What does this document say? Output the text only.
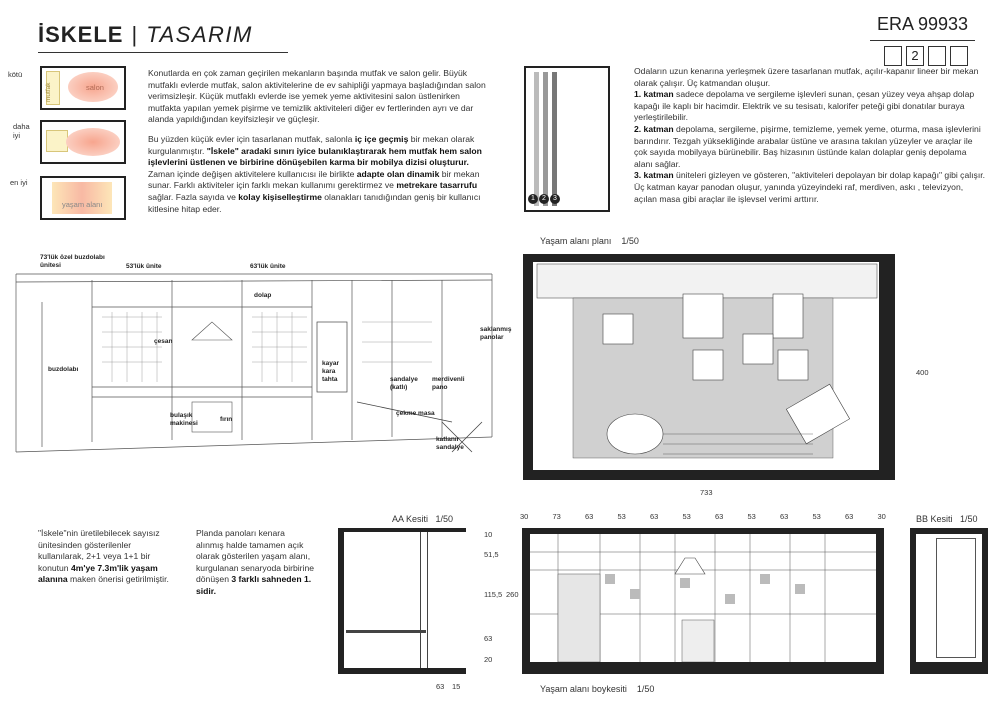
İSKELE | TASARIM	ERA 99933
2
kötü
mutfak	salon
daha
iyi
en iyi
yaşam alanı
Konutlarda en çok zaman geçirilen mekanların başında mutfak ve salon gelir. Büyük mutfaklı evlerde mutfak, salon aktivitelerine de ev sahipliği yapmaya başladığından salon verimsizleşir. Küçük mutfaklı evlerde ise yemek yeme aktivitesini salon üstlenirken mutfakta yapılan yemek pişirme ve temizlik aktiviteleri diğer ev fertlerinden ayrı ve dar alanda yapıldığından keyifsizleşir ve güçleşir.
Bu yüzden küçük evler için tasarlanan mutfak, salonla iç içe geçmiş bir mekan olarak kurgulanmıştır. "İskele" aradaki sınırı iyice bulanıklaştırarak hem mutfak hem salon işlevlerini üstlenen ve birbirine dönüşebilen karma bir mobilya dizisi oluşturur. Zaman içinde değişen aktivitelere kullanıcısı ile birlikte adapte olan dinamik bir mekan sunar. Farklı aktiviteler için farklı mekan kullanımı gerektirmez ve metrekare tasarrufu sağlar. Fazla sayıda ve kolay kişiselleştirme olanakları tanıdığından geniş bir kullanıcı kitlesine hitap eder.
1	2	3
Odaların uzun kenarına yerleşmek üzere tasarlanan mutfak, açılır-kapanır lineer bir mekan olarak çalışır. Üç katmandan oluşur.
1. katman sadece depolama ve sergileme işlevleri sunan, çesan yüzey veya ahşap dolap kapağı ile kaplı bir hacimdir. Elektrik ve su tesisatı, kalorifer peteği gibi donatılar buraya yerleştirilebilir.
2. katman depolama, sergileme, pişirme, temizleme, yemek yeme, oturma, masa işlevlerini barındırır. Tezgah yüksekliğinde arabalar üstüne ve arasına takılan yüzeyler ve araçlar ile çok sayıda mobilyaya bürünebilir. Baş hizasının üstünde kalan dolaplar geniş depolama alanı sağlar.
3. katman üniteleri gizleyen ve gösteren, "aktiviteleri depolayan bir dolap kapağı" gibi çalışır. Üç katman kayar panodan oluşur, yanında yüzeyindeki raf, merdiven, askı , televizyon, açılan masa gibi araçlar ile işlevsel verimi arttırır.
73'lük özel buzdolabı ünitesi	53'lük ünite	63'lük ünite
dolap
çesan
buzdolabı
kayar kara tahta	sandalye (katlı)
merdivenli pano
saklanmış panolar
bulaşık makinesi
fırın
çekme masa
katlanır sandalye
Yaşam alanı planı 1/50
733
400
AA Kesiti 1/50
10
51,5
115,5
63
20
260
63 15
30	73	63	53	63	53	63	53	63	53	63	30
Yaşam alanı boykesiti 1/50
BB Kesiti 1/50
"İskele"nin üretilebilecek sayısız ünitesinden gösterilenler kullanılarak, 2+1 veya 1+1 bir konutun 4m'ye 7.3m'lik yaşam alanına maken önerisi getirilmiştir.
Planda panoları kenara alınmış halde tamamen açık olarak gösterilen yaşam alanı, kurgulanan senaryoda birbirine dönüşen 3 farklı sahneden 1. sidir.
